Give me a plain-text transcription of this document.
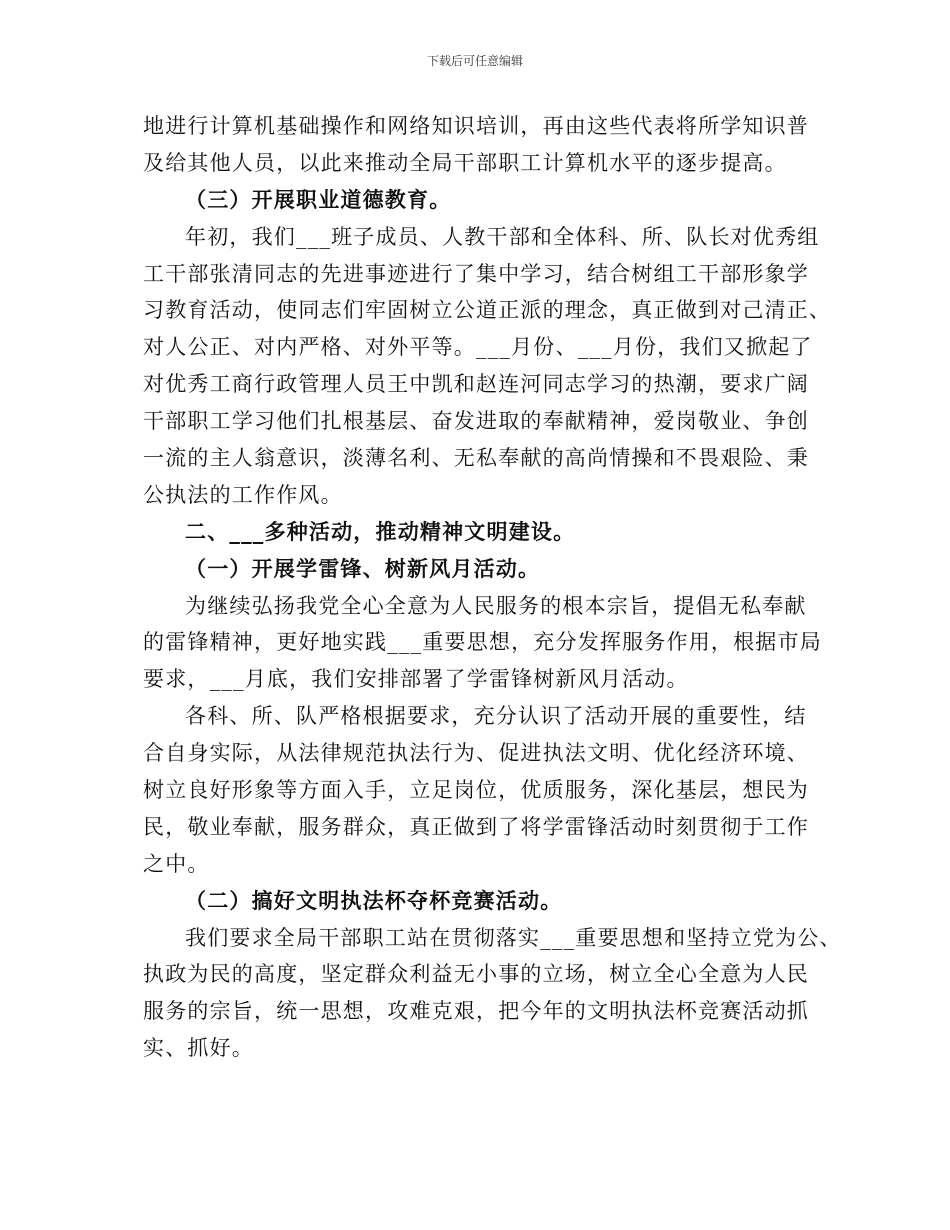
下载后可任意编辑
地进行计算机基础操作和网络知识培训，再由这些代表将所学知识普
及给其他人员，以此来推动全局干部职工计算机水平的逐步提高。
（三）开展职业道德教育。
年初，我们___班子成员、人教干部和全体科、所、队长对优秀组
工干部张清同志的先进事迹进行了集中学习，结合树组工干部形象学
习教育活动，使同志们牢固树立公道正派的理念，真正做到对己清正、
对人公正、对内严格、对外平等。___月份、___月份，我们又掀起了
对优秀工商行政管理人员王中凯和赵连河同志学习的热潮，要求广阔
干部职工学习他们扎根基层、奋发进取的奉献精神，爱岗敬业、争创
一流的主人翁意识，淡薄名利、无私奉献的高尚情操和不畏艰险、秉
公执法的工作作风。
二、___多种活动，推动精神文明建设。
（一）开展学雷锋、树新风月活动。
为继续弘扬我党全心全意为人民服务的根本宗旨，提倡无私奉献
的雷锋精神，更好地实践___重要思想，充分发挥服务作用，根据市局
要求，___月底，我们安排部署了学雷锋树新风月活动。
各科、所、队严格根据要求，充分认识了活动开展的重要性，结
合自身实际，从法律规范执法行为、促进执法文明、优化经济环境、
树立良好形象等方面入手，立足岗位，优质服务，深化基层，想民为
民，敬业奉献，服务群众，真正做到了将学雷锋活动时刻贯彻于工作
之中。
（二）搞好文明执法杯夺杯竞赛活动。
我们要求全局干部职工站在贯彻落实___重要思想和坚持立党为公、
执政为民的高度，坚定群众利益无小事的立场，树立全心全意为人民
服务的宗旨，统一思想，攻难克艰，把今年的文明执法杯竞赛活动抓
实、抓好。
